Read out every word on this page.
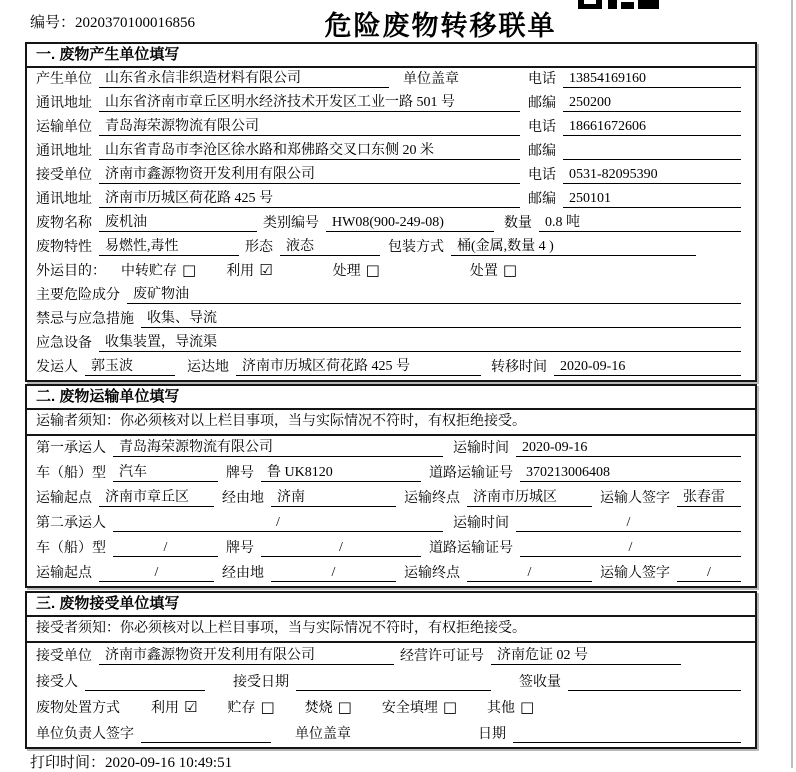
编号：2020370100016856	危险废物转移联单
一. 废物产生单位填写
产生单位 山东省永信非织造材料有限公司	单位盖章	电话 13854169160
通讯地址 山东省济南市章丘区明水经济技术开发区工业一路 501 号	邮编 250200
运输单位 青岛海荣源物流有限公司	电话 18661672606
通讯地址 山东省青岛市李沧区徐水路和郑佛路交叉口东侧 20 米	邮编
接受单位 济南市鑫源物资开发利用有限公司	电话 0531-82095390
通讯地址 济南市历城区荷花路 425 号	邮编 250101
废物名称 废机油	类别编号 HW08(900-249-08)	数量 0.8 吨
废物特性 易燃性,毒性	形态 液态	包装方式 桶(金属,数量 4 )
外运目的： 中转贮存 □ 利用 ☑	处理 □	处置 □
主要危险成分 废矿物油
禁忌与应急措施 收集、导流
应急设备 收集装置，导流渠
发运人 郭玉波	运达地 济南市历城区荷花路 425 号	转移时间 2020-09-16
二. 废物运输单位填写
运输者须知：你必须核对以上栏目事项，当与实际情况不符时，有权拒绝接受。
第一承运人 青岛海荣源物流有限公司	运输时间 2020-09-16
车（船）型 汽车	牌号 鲁 UK8120	道路运输证号 370213006408
运输起点 济南市章丘区	经由地 济南	运输终点 济南市历城区	运输人签字 张春雷
第二承运人	/	运输时间	/
车（船）型	/	牌号	/	道路运输证号	/
运输起点	/	经由地	/	运输终点	/	运输人签字	/
三. 废物接受单位填写
接受者须知：你必须核对以上栏目事项，当与实际情况不符时，有权拒绝接受。
接受单位 济南市鑫源物资开发利用有限公司	经营许可证号 济南危证 02 号
接受人	接受日期	签收量
废物处置方式 利用 ☑ 贮存 □ 焚烧 □ 安全填埋 □ 其他 □
单位负责人签字	单位盖章	日期
打印时间：2020-09-16 10:49:51
